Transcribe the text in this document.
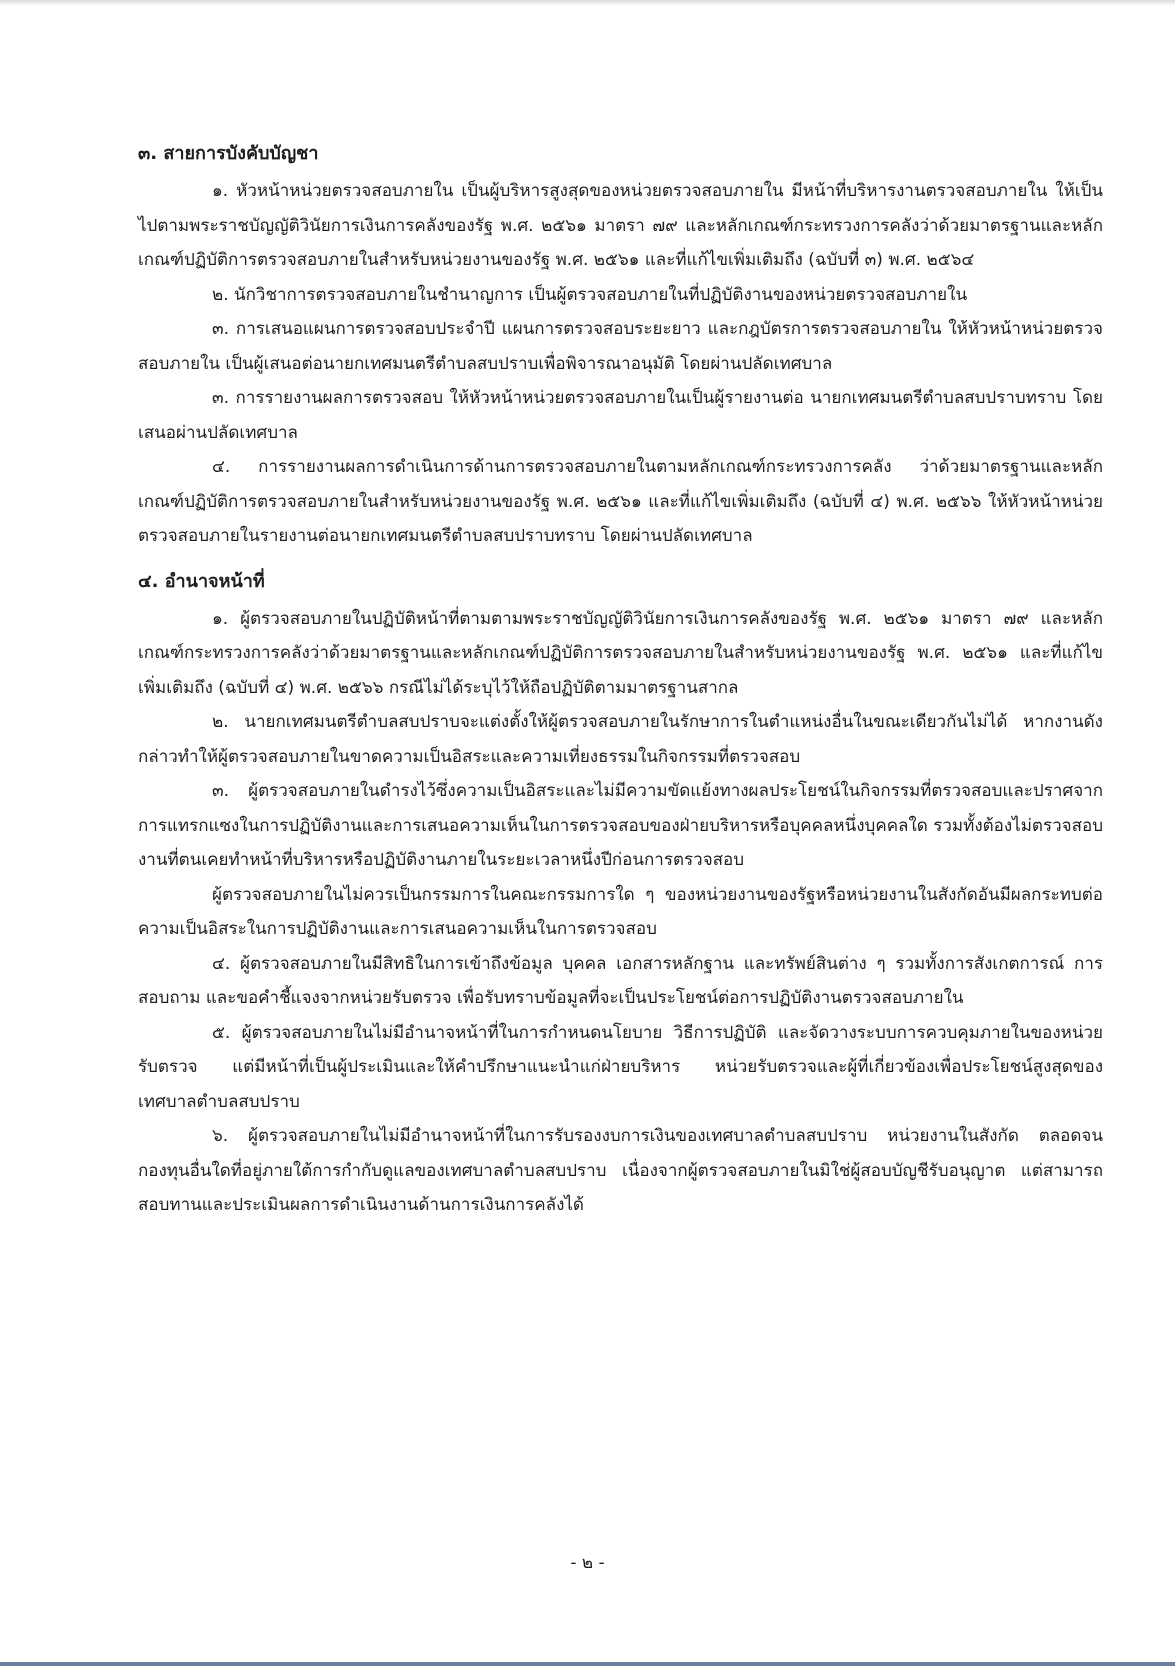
๓. สายการบังคับบัญชา

๑. หัวหน้าหน่วยตรวจสอบภายใน เป็นผู้บริหารสูงสุดของหน่วยตรวจสอบภายใน มีหน้าที่บริหารงานตรวจสอบภายใน ให้เป็นไปตามพระราชบัญญัติวินัยการเงินการคลังของรัฐ พ.ศ. ๒๕๖๑ มาตรา ๗๙ และหลักเกณฑ์กระทรวงการคลังว่าด้วยมาตรฐานและหลักเกณฑ์ปฏิบัติการตรวจสอบภายในสำหรับหน่วยงานของรัฐ พ.ศ. ๒๕๖๑ และที่แก้ไขเพิ่มเติมถึง (ฉบับที่ ๓) พ.ศ. ๒๕๖๔

๒. นักวิชาการตรวจสอบภายในชำนาญการ เป็นผู้ตรวจสอบภายในที่ปฏิบัติงานของหน่วยตรวจสอบภายใน

๓. การเสนอแผนการตรวจสอบประจำปี แผนการตรวจสอบระยะยาว และกฎบัตรการตรวจสอบภายใน ให้หัวหน้าหน่วยตรวจสอบภายใน เป็นผู้เสนอต่อนายกเทศมนตรีตำบลสบปราบเพื่อพิจารณาอนุมัติ โดยผ่านปลัดเทศบาล

๓. การรายงานผลการตรวจสอบ ให้หัวหน้าหน่วยตรวจสอบภายในเป็นผู้รายงานต่อ นายกเทศมนตรีตำบลสบปราบทราบ โดยเสนอผ่านปลัดเทศบาล

๔. การรายงานผลการดำเนินการด้านการตรวจสอบภายในตามหลักเกณฑ์กระทรวงการคลัง ว่าด้วยมาตรฐานและหลักเกณฑ์ปฏิบัติการตรวจสอบภายในสำหรับหน่วยงานของรัฐ พ.ศ. ๒๕๖๑ และที่แก้ไขเพิ่มเติมถึง (ฉบับที่ ๔) พ.ศ. ๒๕๖๖ ให้หัวหน้าหน่วยตรวจสอบภายในรายงานต่อนายกเทศมนตรีตำบลสบปราบทราบ โดยผ่านปลัดเทศบาล

๔. อำนาจหน้าที่

๑. ผู้ตรวจสอบภายในปฏิบัติหน้าที่ตามตามพระราชบัญญัติวินัยการเงินการคลังของรัฐ พ.ศ. ๒๕๖๑ มาตรา ๗๙ และหลักเกณฑ์กระทรวงการคลังว่าด้วยมาตรฐานและหลักเกณฑ์ปฏิบัติการตรวจสอบภายในสำหรับหน่วยงานของรัฐ พ.ศ. ๒๕๖๑ และที่แก้ไขเพิ่มเติมถึง (ฉบับที่ ๔) พ.ศ. ๒๕๖๖ กรณีไม่ได้ระบุไว้ให้ถือปฏิบัติตามมาตรฐานสากล

๒. นายกเทศมนตรีตำบลสบปราบจะแต่งตั้งให้ผู้ตรวจสอบภายในรักษาการในตำแหน่งอื่นในขณะเดียวกันไม่ได้ หากงานดังกล่าวทำให้ผู้ตรวจสอบภายในขาดความเป็นอิสระและความเที่ยงธรรมในกิจกรรมที่ตรวจสอบ

๓. ผู้ตรวจสอบภายในดำรงไว้ซึ่งความเป็นอิสระและไม่มีความขัดแย้งทางผลประโยชน์ในกิจกรรมที่ตรวจสอบและปราศจากการแทรกแซงในการปฏิบัติงานและการเสนอความเห็นในการตรวจสอบของฝ่ายบริหารหรือบุคคลหนึ่งบุคคลใด รวมทั้งต้องไม่ตรวจสอบงานที่ตนเคยทำหน้าที่บริหารหรือปฏิบัติงานภายในระยะเวลาหนึ่งปีก่อนการตรวจสอบ

ผู้ตรวจสอบภายในไม่ควรเป็นกรรมการในคณะกรรมการใด ๆ ของหน่วยงานของรัฐหรือหน่วยงานในสังกัดอันมีผลกระทบต่อความเป็นอิสระในการปฏิบัติงานและการเสนอความเห็นในการตรวจสอบ

๔. ผู้ตรวจสอบภายในมีสิทธิในการเข้าถึงข้อมูล บุคคล เอกสารหลักฐาน และทรัพย์สินต่าง ๆ รวมทั้งการสังเกตการณ์ การสอบถาม และขอคำชี้แจงจากหน่วยรับตรวจ เพื่อรับทราบข้อมูลที่จะเป็นประโยชน์ต่อการปฏิบัติงานตรวจสอบภายใน

๕. ผู้ตรวจสอบภายในไม่มีอำนาจหน้าที่ในการกำหนดนโยบาย วิธีการปฏิบัติ และจัดวางระบบการควบคุมภายในของหน่วยรับตรวจ แต่มีหน้าที่เป็นผู้ประเมินและให้คำปรึกษาแนะนำแก่ฝ่ายบริหาร หน่วยรับตรวจและผู้ที่เกี่ยวข้องเพื่อประโยชน์สูงสุดของเทศบาลตำบลสบปราบ

๖. ผู้ตรวจสอบภายในไม่มีอำนาจหน้าที่ในการรับรองงบการเงินของเทศบาลตำบลสบปราบ หน่วยงานในสังกัด ตลอดจนกองทุนอื่นใดที่อยู่ภายใต้การกำกับดูแลของเทศบาลตำบลสบปราบ เนื่องจากผู้ตรวจสอบภายในมิใช่ผู้สอบบัญชีรับอนุญาต แต่สามารถสอบทานและประเมินผลการดำเนินงานด้านการเงินการคลังได้

- ๒ -
